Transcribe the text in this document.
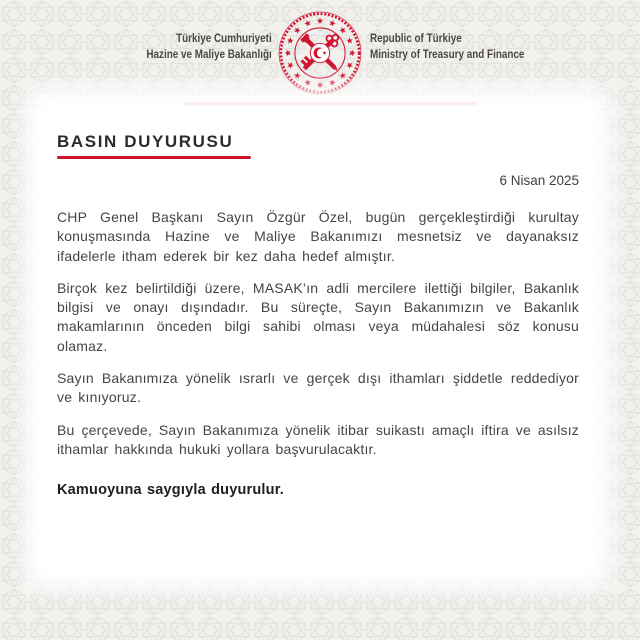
Türkiye Cumhuriyeti
Hazine ve Maliye Bakanlığı
Republic of Türkiye
Ministry of Treasury and Finance
BASIN DUYURUSU
6 Nisan 2025

CHP Genel Başkanı Sayın Özgür Özel, bugün gerçekleştirdiği kurultay konuşmasında Hazine ve Maliye Bakanımızı mesnetsiz ve dayanaksız ifadelerle itham ederek bir kez daha hedef almıştır.

Birçok kez belirtildiği üzere, MASAK’ın adli mercilere ilettiği bilgiler, Bakanlık bilgisi ve onayı dışındadır. Bu süreçte, Sayın Bakanımızın ve Bakanlık makamlarının önceden bilgi sahibi olması veya müdahalesi söz konusu olamaz.

Sayın Bakanımıza yönelik ısrarlı ve gerçek dışı ithamları şiddetle reddediyor ve kınıyoruz.

Bu çerçevede, Sayın Bakanımıza yönelik itibar suikastı amaçlı iftira ve asılsız ithamlar hakkında hukuki yollara başvurulacaktır.

Kamuoyuna saygıyla duyurulur.
